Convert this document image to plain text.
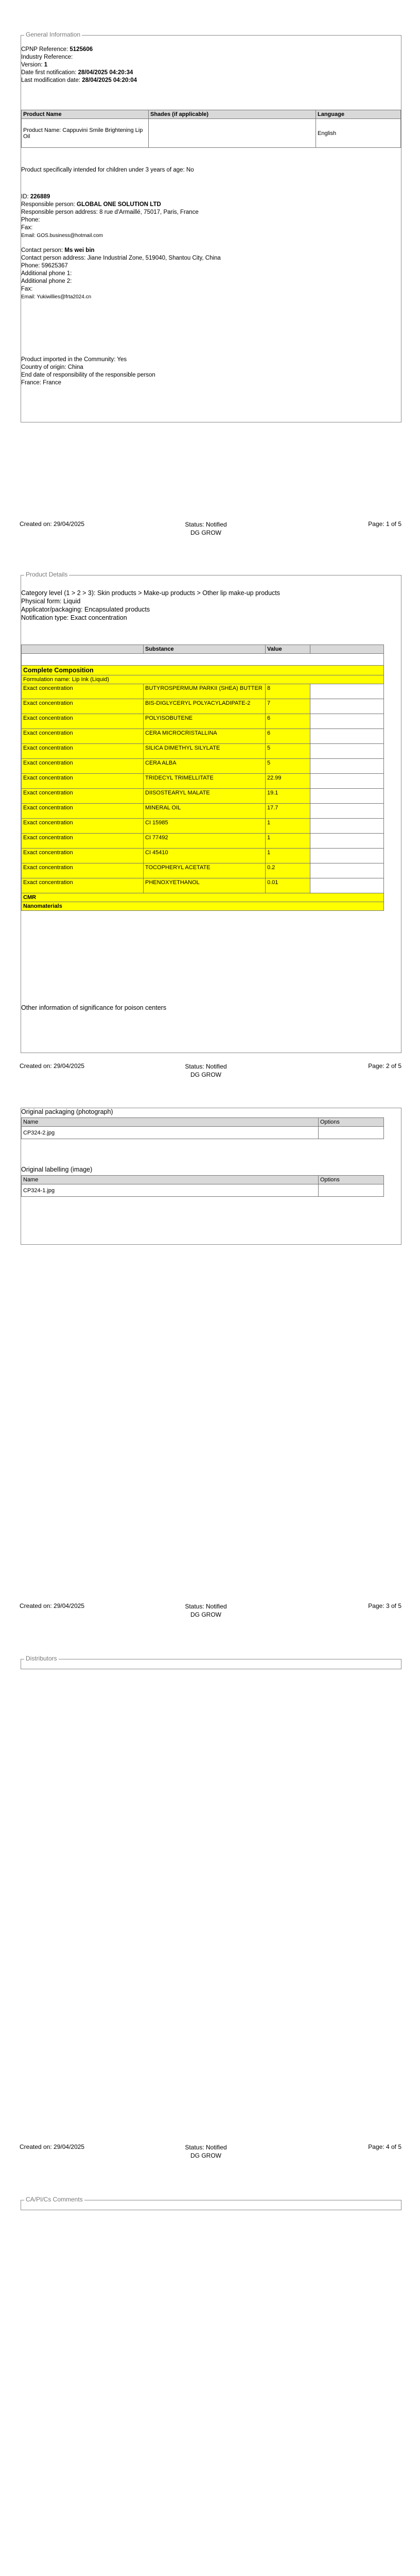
General Information
CPNP Reference: 5125606
Industry Reference:
Version: 1
Date first notification: 28/04/2025 04:20:34
Last modification date: 28/04/2025 04:20:04
Product Name	Shades (if applicable)	Language
Product Name: Cappuvini Smile Brightening Lip Oil		English
Product specifically intended for children under 3 years of age: No
ID: 226889
Responsible person: GLOBAL ONE SOLUTION LTD
Responsible person address: 8 rue d'Armaillé, 75017, Paris, France
Phone:
Fax:
Email: GOS.business@hotmail.com
Contact person: Ms wei bin
Contact person address: Jiane Industrial Zone, 519040, Shantou City, China
Phone: 59625367
Additional phone 1:
Additional phone 2:
Fax:
Email: Yukiwillies@frta2024.cn
Product imported in the Community: Yes
Country of origin: China
End date of responsibility of the responsible person
France: France
Created on: 29/04/2025	Status: Notified
DG GROW
Page: 1 of 5
Product Details
Category level (1 > 2 > 3): Skin products > Make-up products > Other lip make-up products
Physical form: Liquid
Applicator/packaging: Encapsulated products
Notification type: Exact concentration
	Substance	Value	

Complete Composition			
Formulation name: Lip Ink (Liquid)			
Exact concentration	BUTYROSPERMUM PARKII (SHEA) BUTTER	8	
Exact concentration	BIS-DIGLYCERYL POLYACYLADIPATE-2	7	
Exact concentration	POLYISOBUTENE	6	
Exact concentration	CERA MICROCRISTALLINA	6	
Exact concentration	SILICA DIMETHYL SILYLATE	5	
Exact concentration	CERA ALBA	5	
Exact concentration	TRIDECYL TRIMELLITATE	22.99	
Exact concentration	DIISOSTEARYL MALATE	19.1	
Exact concentration	MINERAL OIL	17.7	
Exact concentration	CI 15985	1	
Exact concentration	CI 77492	1	
Exact concentration	CI 45410	1	
Exact concentration	TOCOPHERYL ACETATE	0.2	
Exact concentration	PHENOXYETHANOL	0.01	
CMR			
Nanomaterials			
Other information of significance for poison centers
Created on: 29/04/2025	Status: Notified
DG GROW
Page: 2 of 5
Original packaging (photograph)
Name	Options
CP324-2.jpg	
Original labelling (image)
Name	Options
CP324-1.jpg	
Created on: 29/04/2025	Status: Notified
DG GROW
Page: 3 of 5
Distributors
Created on: 29/04/2025	Status: Notified
DG GROW
Page: 4 of 5
CA/PI/Cs Comments
